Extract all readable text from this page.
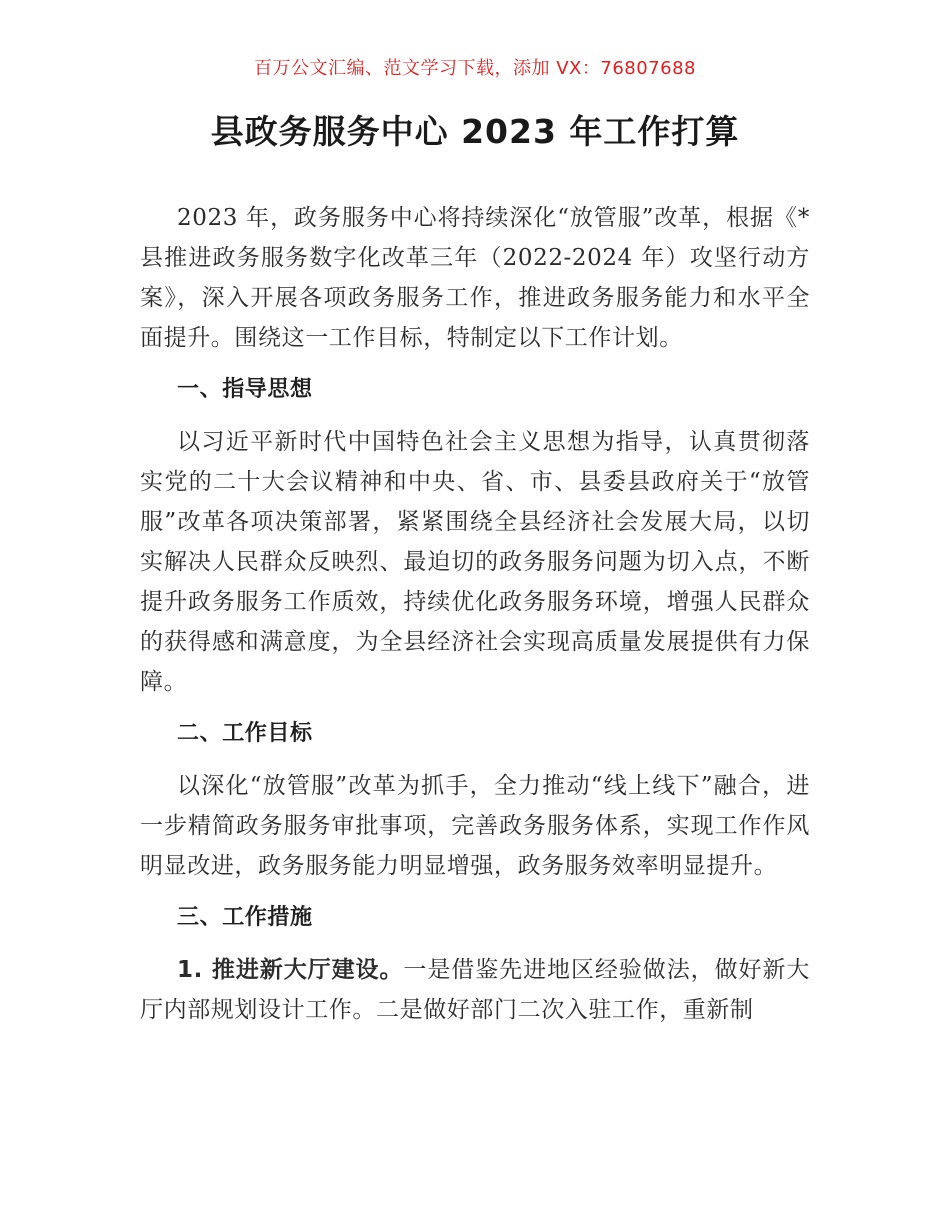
百万公文汇编、范文学习下载，添加 VX：76807688
县政务服务中心 2023 年工作打算

2023 年，政务服务中心将持续深化“放管服”改革，根据《*县推进政务服务数字化改革三年（2022-2024 年）攻坚行动方案》，深入开展各项政务服务工作，推进政务服务能力和水平全面提升。围绕这一工作目标，特制定以下工作计划。

一、指导思想

以习近平新时代中国特色社会主义思想为指导，认真贯彻落实党的二十大会议精神和中央、省、市、县委县政府关于“放管服”改革各项决策部署，紧紧围绕全县经济社会发展大局，以切实解决人民群众反映烈、最迫切的政务服务问题为切入点，不断提升政务服务工作质效，持续优化政务服务环境，增强人民群众的获得感和满意度，为全县经济社会实现高质量发展提供有力保障。

二、工作目标

以深化“放管服”改革为抓手，全力推动“线上线下”融合，进一步精简政务服务审批事项，完善政务服务体系，实现工作作风明显改进，政务服务能力明显增强，政务服务效率明显提升。

三、工作措施

1. 推进新大厅建设。一是借鉴先进地区经验做法，做好新大厅内部规划设计工作。二是做好部门二次入驻工作，重新制
